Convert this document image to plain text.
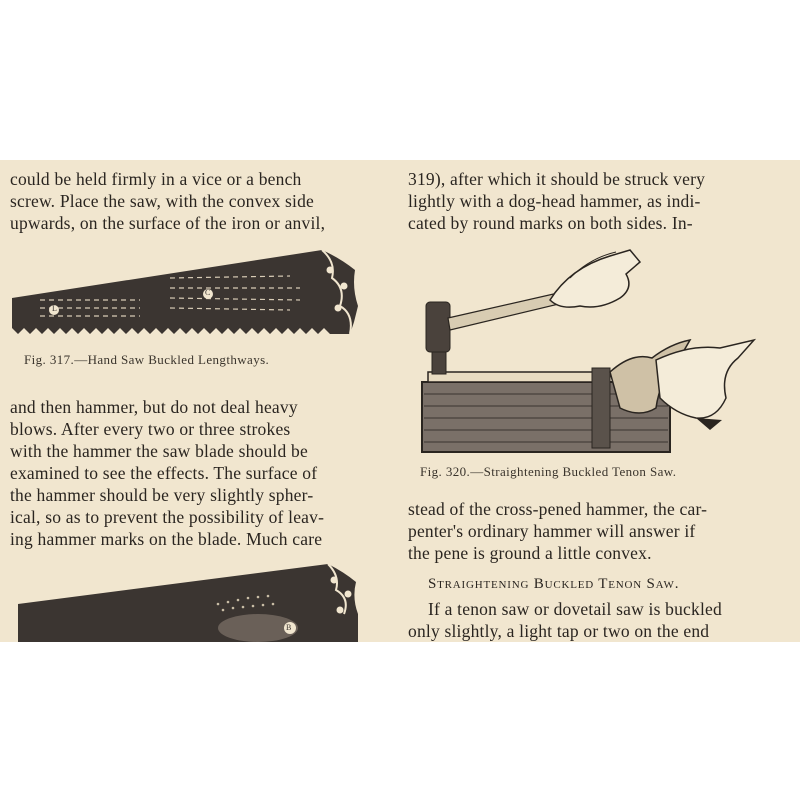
could be held firmly in a vice or a bench
screw. Place the saw, with the convex side
upwards, on the surface of the iron or anvil,
L
C
Fig. 317.—Hand Saw Buckled Lengthways.
and then hammer, but do not deal heavy
blows. After every two or three strokes
with the hammer the saw blade should be
examined to see the effects. The surface of
the hammer should be very slightly spher-
ical, so as to prevent the possibility of leav-
ing hammer marks on the blade. Much care
B
319), after which it should be struck very
lightly with a dog-head hammer, as indi-
cated by round marks on both sides. In-
Fig. 320.—Straightening Buckled Tenon Saw.
stead of the cross-pened hammer, the car-
penter's ordinary hammer will answer if
the pene is ground a little convex.
Straightening Buckled Tenon Saw.
If a tenon saw or dovetail saw is buckled
only slightly, a light tap or two on the end
